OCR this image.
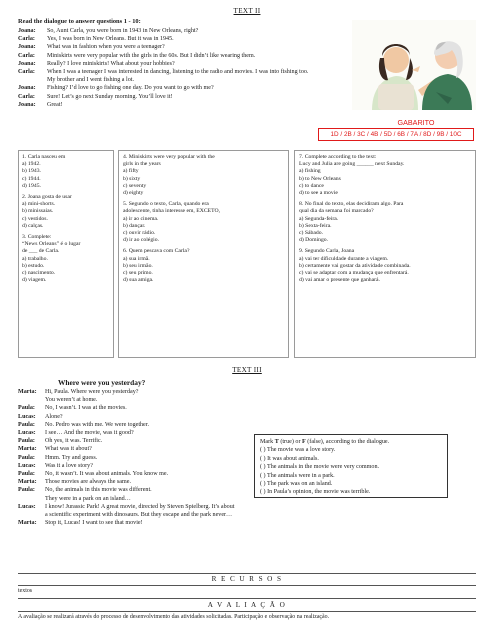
TEXT II
Read the dialogue to answer questions 1 - 10:
Joana: So, Aunt Carla, you were born in 1943 in New Orleans, right?
Carla: Yes, I was born in New Orleans. But it was in 1945.
Joana: What was in fashion when you were a teenager?
Carla: Miniskirts were very popular with the girls in the 60s. But I didn’t like wearing them.
Joana: Really? I love miniskirts! What about your hobbies?
Carla: When I was a teenager I was interested in dancing, listening to the radio and movies. I was into fishing too.
My brother and I went fishing a lot.
Joana: Fishing? I’d love to go fishing one day. Do you want to go with me?
Carla: Sure! Let’s go next Sunday morning. You’ll love it!
Joana: Great!
GABARITO
1D / 2B / 3C / 4B / 5D / 6B / 7A / 8D / 9B / 10C
1. Carla nasceu em
a) 1942.
b) 1943.
c) 1944.
d) 1945.
2. Joana gosta de usar
a) mini-shorts.
b) minissaias.
c) vestidos.
d) calças.
3. Complete:
“News Orleans” é o lugar
de ___ de Carla.
a) trabalho.
b) estudo.
c) nascimento.
d) viagem.
4. Miniskirts were very popular with the
girls in the years
a) fifty
b) sixty
c) seventy
d) eighty
5. Segundo o texto, Carla, quando era
adolescente, tinha interesse em, EXCETO,
a) ir ao cinema.
b) dançar.
c) ouvir rádio.
d) ir ao colégio.
6. Quem pescava com Carla?
a) sua irmã.
b) seu irmão.
c) seu primo.
d) sua amiga.
7. Complete according to the text:
Lucy and Julia are going ______ next Sunday.
a) fishing
b) to New Orleans
c) to dance
d) to see a movie
8. No final do texto, elas decidiram algo. Para
qual dia da semana foi marcado?
a) Segunda-feira.
b) Sexta-feira.
c) Sábado.
d) Domingo.
9. Segundo Carla, Joana
a) vai ter dificuldade durante a viagem.
b) certamente vai gostar da atividade combinada.
c) vai se adaptar com a mudança que enfrentará.
d) vai amar o presente que ganhará.
TEXT III
Where were you yesterday?
Marta: Hi, Paula. Where were you yesterday?
You weren’t at home.
Paula: No, I wasn’t. I was at the movies.
Lucas: Alone?
Paula: No. Pedro was with me. We were together.
Lucas: I see… And the movie, was it good?
Paula: Oh yes, it was. Terrific.
Marta: What was it about?
Paula: Hmm. Try and guess.
Lucas: Was it a love story?
Paula: No, it wasn’t. It was about animals. You know me.
Marta: Those movies are always the same.
Paula: No, the animals in this movie was different.
They were in a park on an island…
Lucas: I know! Jurassic Park! A great movie, directed by Steven Spielberg. It’s about
a scientific experiment with dinosaurs. But they escape and the park never…
Marta: Stop it, Lucas! I want to see that movie!
Mark T (true) or F (false), according to the dialogue.
( ) The movie was a love story.
( ) It was about animals.
( ) The animals in the movie were very common.
( ) The animals were in a park.
( ) The park was on an island.
( ) In Paula’s opinion, the movie was terrible.
R E C U R S O S
textos
A V A L I A Ç Ã O
A avaliação se realizará através do processo de desenvolvimento das atividades solicitadas. Participação e observação na realização.
